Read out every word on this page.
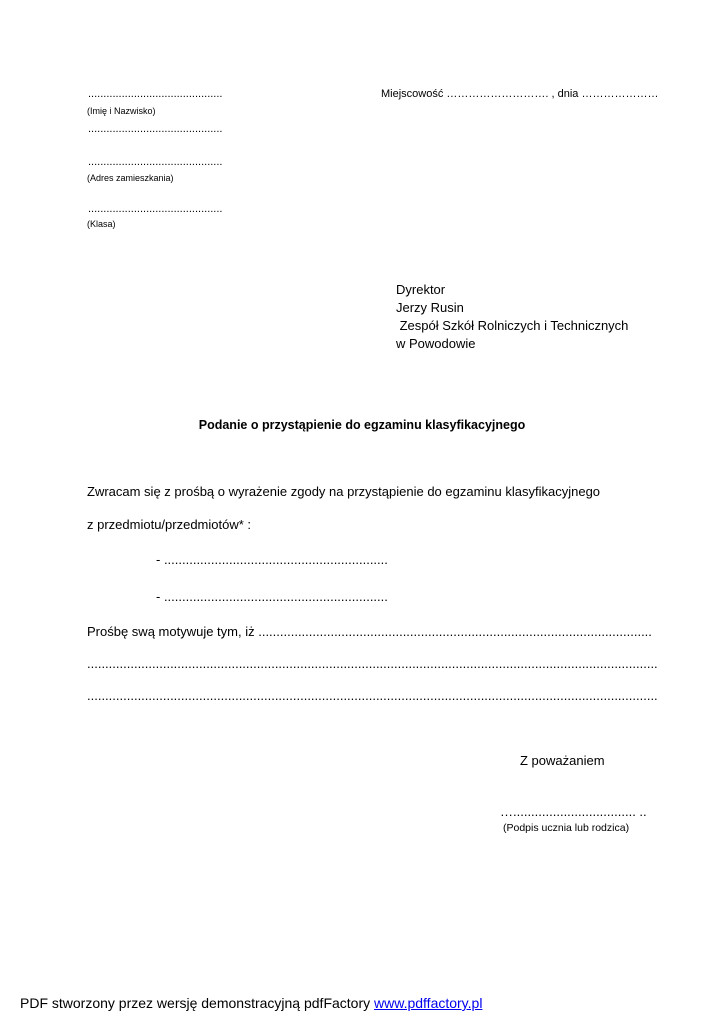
............................................
(Imię i Nazwisko)
............................................
............................................
(Adres zamieszkania)
............................................
(Klasa)
Miejscowość ………………………. , dnia …………………
Dyrektor
Jerzy Rusin
Zespół Szkół Rolniczych i Technicznych
w Powodowie
Podanie o przystąpienie do egzaminu klasyfikacyjnego
Zwracam się z prośbą o wyrażenie zgody na przystąpienie do egzaminu klasyfikacyjnego
z przedmiotu/przedmiotów* :
- ..............................................................
- ..............................................................
Prośbę swą motywuje tym, iż .............................................................................................................
..............................................................................................................................................................
..............................................................................................................................................................
Z poważaniem
….................................. ..
(Podpis ucznia lub rodzica)
PDF stworzony przez wersję demonstracyjną pdfFactory www.pdffactory.pl
